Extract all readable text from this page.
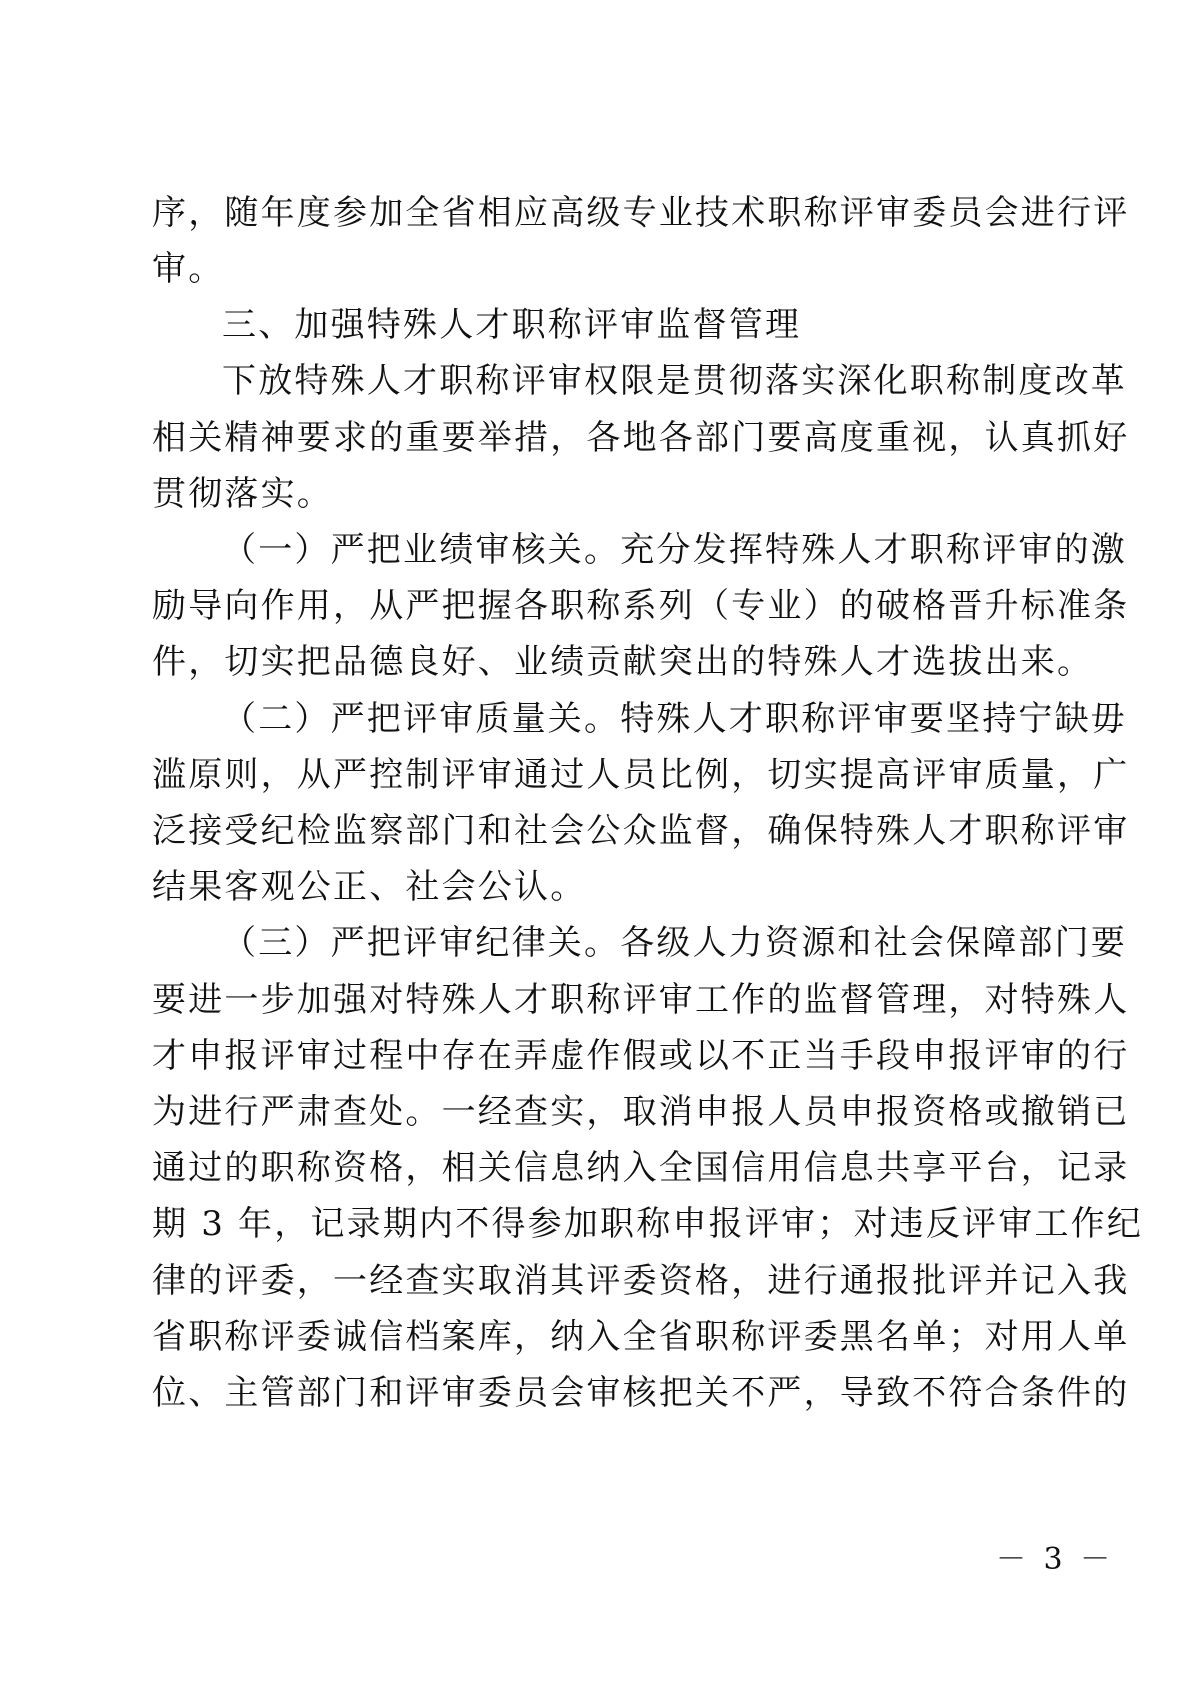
序，随年度参加全省相应高级专业技术职称评审委员会进行评

审。

三、加强特殊人才职称评审监督管理

下放特殊人才职称评审权限是贯彻落实深化职称制度改革

相关精神要求的重要举措，各地各部门要高度重视，认真抓好

贯彻落实。

（一）严把业绩审核关。充分发挥特殊人才职称评审的激

励导向作用，从严把握各职称系列（专业）的破格晋升标准条

件，切实把品德良好、业绩贡献突出的特殊人才选拔出来。

（二）严把评审质量关。特殊人才职称评审要坚持宁缺毋

滥原则，从严控制评审通过人员比例，切实提高评审质量，广

泛接受纪检监察部门和社会公众监督，确保特殊人才职称评审

结果客观公正、社会公认。

（三）严把评审纪律关。各级人力资源和社会保障部门要

要进一步加强对特殊人才职称评审工作的监督管理，对特殊人

才申报评审过程中存在弄虚作假或以不正当手段申报评审的行

为进行严肃查处。一经查实，取消申报人员申报资格或撤销已

通过的职称资格，相关信息纳入全国信用信息共享平台，记录

期 3 年，记录期内不得参加职称申报评审；对违反评审工作纪

律的评委，一经查实取消其评委资格，进行通报批评并记入我

省职称评委诚信档案库，纳入全省职称评委黑名单；对用人单

位、主管部门和评审委员会审核把关不严，导致不符合条件的

－ 3 －
